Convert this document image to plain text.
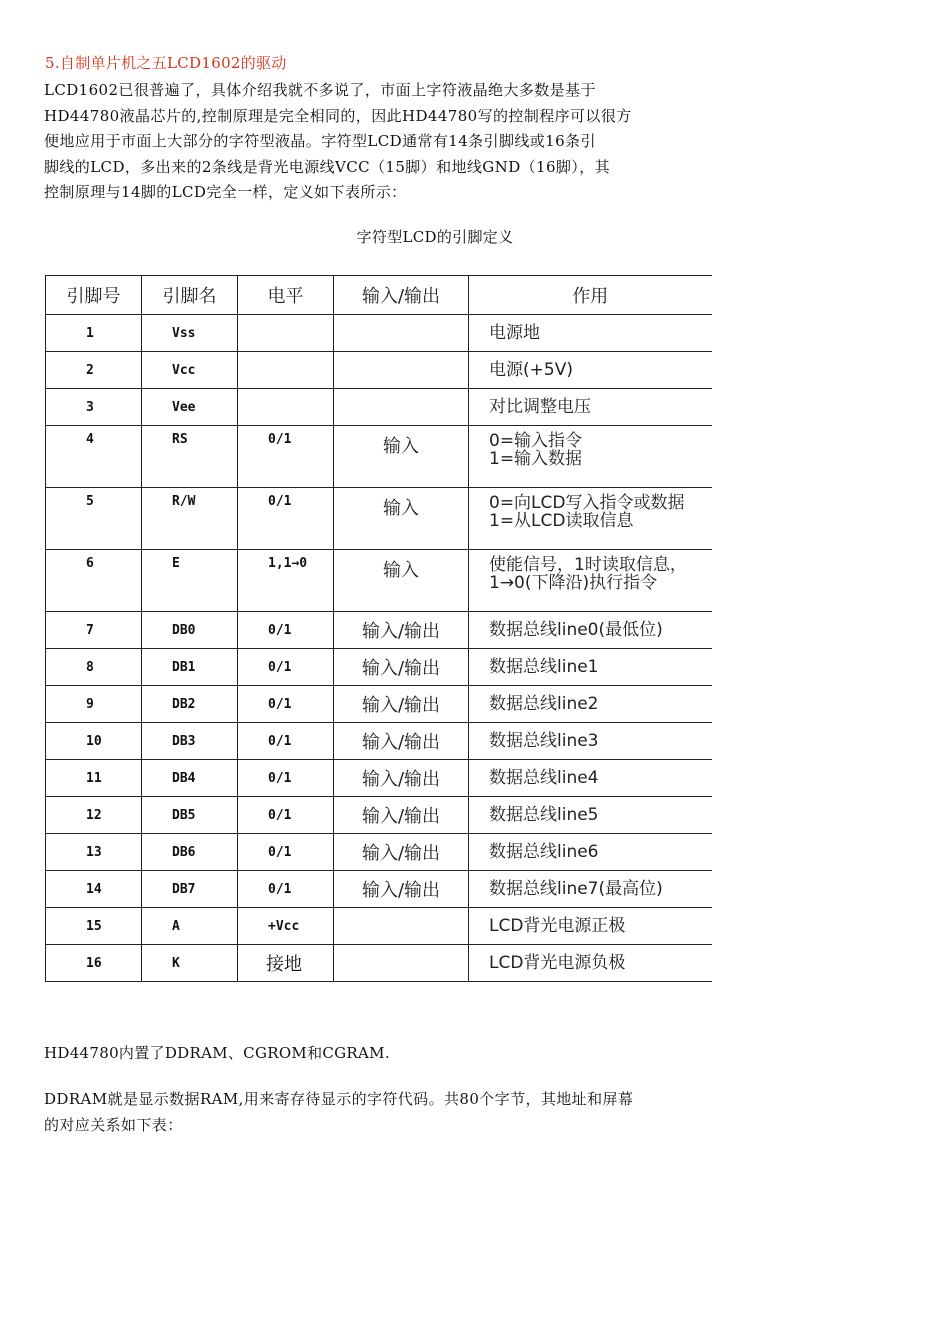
5.自制单片机之五LCD1602的驱动
LCD1602已很普遍了，具体介绍我就不多说了，市面上字符液晶绝大多数是基于
HD44780液晶芯片的,控制原理是完全相同的，因此HD44780写的控制程序可以很方
便地应用于市面上大部分的字符型液晶。字符型LCD通常有14条引脚线或16条引
脚线的LCD，多出来的2条线是背光电源线VCC（15脚）和地线GND（16脚），其
控制原理与14脚的LCD完全一样，定义如下表所示：
字符型LCD的引脚定义
引脚号	引脚名	电平	输入/输出	作用
1	Vss			电源地

2	Vcc			电源(+5V)

3	Vee			对比调整电压

4	RS	0/1	输入	0=输入指令
1=输入数据

5	R/W	0/1	输入	0=向LCD写入指令或数据
1=从LCD读取信息

6	E	1,1→0	输入	使能信号，1时读取信息，
1→0(下降沿)执行指令

7	DB0	0/1	输入/输出	数据总线line0(最低位)

8	DB1	0/1	输入/输出	数据总线line1

9	DB2	0/1	输入/输出	数据总线line2

10	DB3	0/1	输入/输出	数据总线line3

11	DB4	0/1	输入/输出	数据总线line4

12	DB5	0/1	输入/输出	数据总线line5

13	DB6	0/1	输入/输出	数据总线line6

14	DB7	0/1	输入/输出	数据总线line7(最高位)

15	A	+Vcc		LCD背光电源正极

16	K	接地		LCD背光电源负极
HD44780内置了DDRAM、CGROM和CGRAM.
DDRAM就是显示数据RAM,用来寄存待显示的字符代码。共80个字节，其地址和屏幕
的对应关系如下表：
